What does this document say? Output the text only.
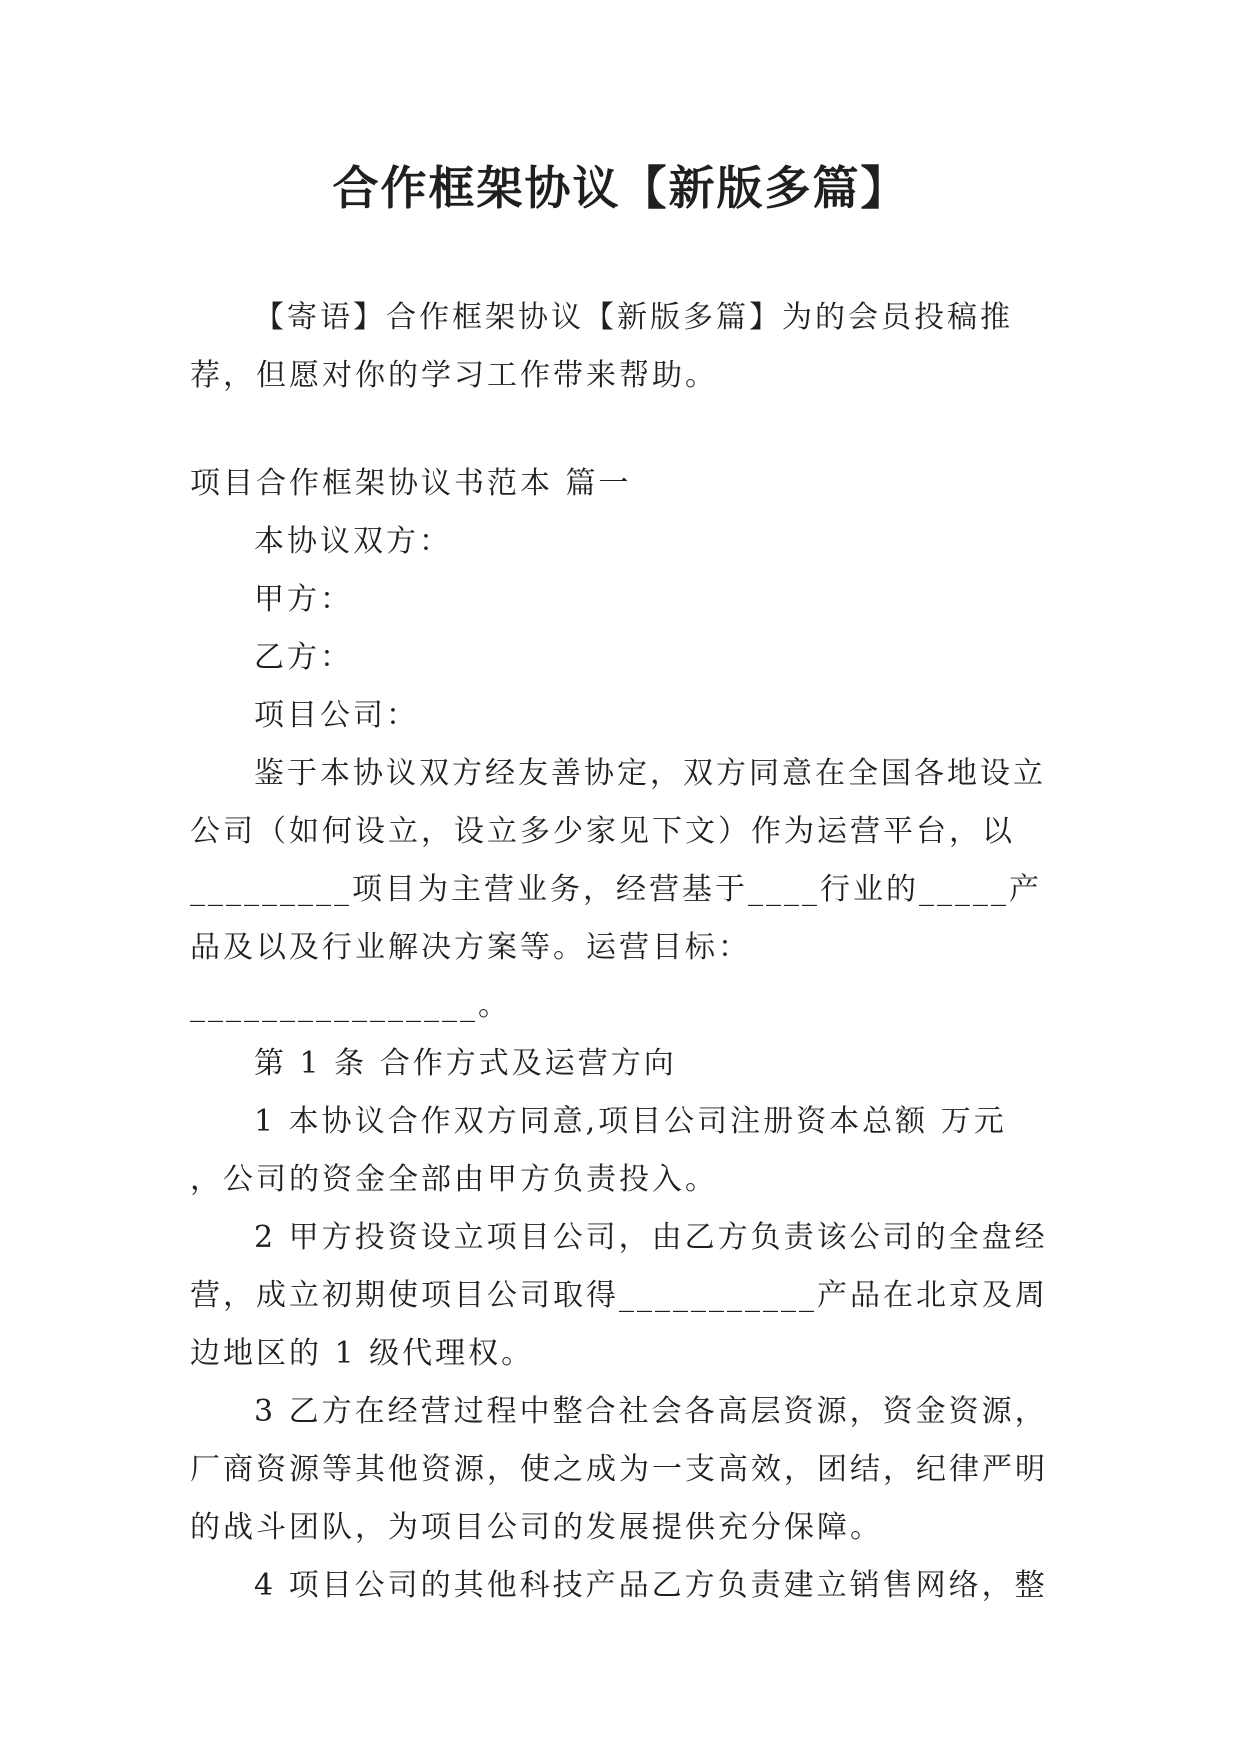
合作框架协议【新版多篇】

【寄语】合作框架协议【新版多篇】为的会员投稿推荐，但愿对你的学习工作带来帮助。

项目合作框架协议书范本 篇一

本协议双方：

甲方：

乙方：

项目公司：

鉴于本协议双方经友善协定，双方同意在全国各地设立公司（如何设立，设立多少家见下文）作为运营平台，以_________项目为主营业务，经营基于____行业的_____产品及以及行业解决方案等。运营目标：________________。

第 1 条 合作方式及运营方向

1 本协议合作双方同意,项目公司注册资本总额 万元 ，公司的资金全部由甲方负责投入。

2 甲方投资设立项目公司，由乙方负责该公司的全盘经营，成立初期使项目公司取得___________产品在北京及周边地区的 1 级代理权。

3 乙方在经营过程中整合社会各高层资源，资金资源，厂商资源等其他资源，使之成为一支高效，团结，纪律严明的战斗团队，为项目公司的发展提供充分保障。

4 项目公司的其他科技产品乙方负责建立销售网络，整
